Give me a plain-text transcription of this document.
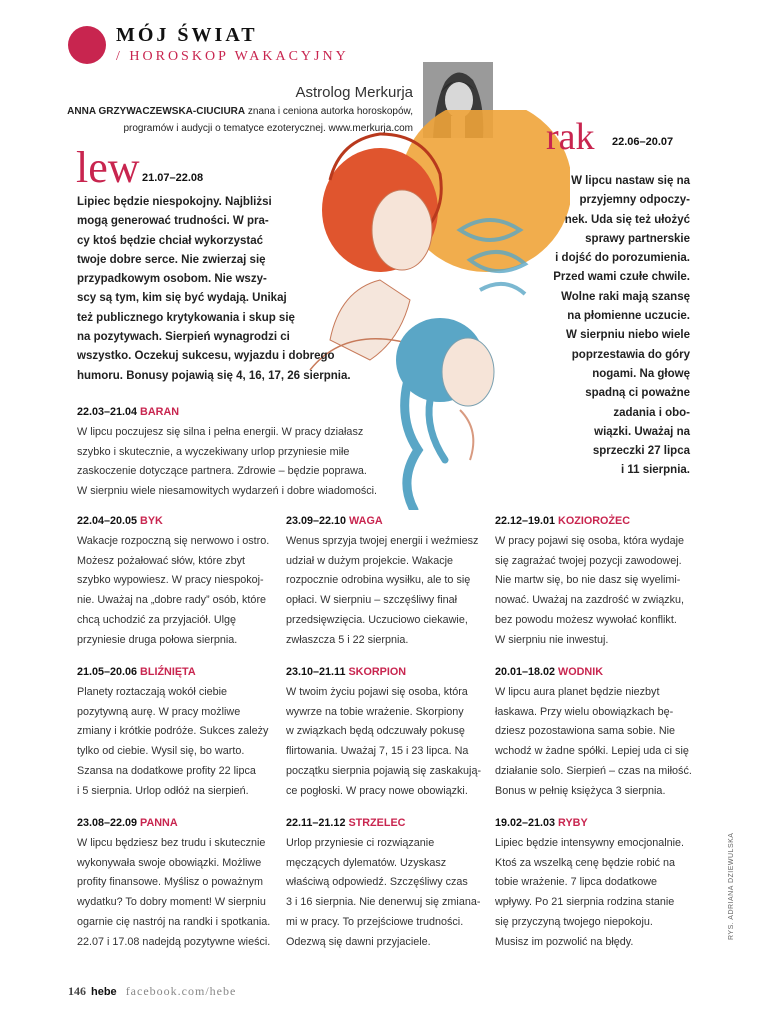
MÓJ ŚWIAT
/ HOROSKOP WAKACYJNY
Astrolog Merkurja
ANNA GRZYWACZEWSKA-CIUCIURA znana i ceniona autorka horoskopów,
programów i audycji o tematyce ezoterycznej. www.merkurja.com
lew 21.07–22.08
Lipiec będzie niespokojny. Najbliżsi
mogą generować trudności. W pra-
cy ktoś będzie chciał wykorzystać
twoje dobre serce. Nie zwierzaj się
przypadkowym osobom. Nie wszy-
scy są tym, kim się być wydają. Unikaj
też publicznego krytykowania i skup się
na pozytywach. Sierpień wynagrodzi ci
wszystko. Oczekuj sukcesu, wyjazdu i dobrego
humoru. Bonusy pojawią się 4, 16, 17, 26 sierpnia.
rak 22.06–20.07
W lipcu nastaw się na
przyjemny odpoczy-
nek. Uda się też ułożyć
sprawy partnerskie
i dojść do porozumienia.
Przed wami czułe chwile.
Wolne raki mają szansę
na płomienne uczucie.
W sierpniu niebo wiele
poprzestawia do góry
nogami. Na głowę
spadną ci poważne
zadania i obo-
wiązki. Uważaj na
sprzeczki 27 lipca
i 11 sierpnia.

22.03–21.04 BARAN

W lipcu poczujesz się silna i pełna energii. W pracy działasz

szybko i skutecznie, a wyczekiwany urlop przyniesie miłe

zaskoczenie dotyczące partnera. Zdrowie – będzie poprawa.

W sierpniu wiele niesamowitych wydarzeń i dobre wiadomości.

22.04–20.05 BYK

Wakacje rozpoczną się nerwowo i ostro.

Możesz pożałować słów, które zbyt

szybko wypowiesz. W pracy niespokoj-

nie. Uważaj na „dobre rady” osób, które

chcą uchodzić za przyjaciół. Ulgę

przyniesie druga połowa sierpnia.

23.09–22.10 WAGA

Wenus sprzyja twojej energii i weźmiesz

udział w dużym projekcie. Wakacje

rozpocznie odrobina wysiłku, ale to się

opłaci. W sierpniu – szczęśliwy finał

przedsięwzięcia. Uczuciowo ciekawie,

zwłaszcza 5 i 22 sierpnia.

22.12–19.01 KOZIOROŻEC

W pracy pojawi się osoba, która wydaje

się zagrażać twojej pozycji zawodowej.

Nie martw się, bo nie dasz się wyelimi-

nować. Uważaj na zazdrość w związku,

bez powodu możesz wywołać konflikt.

W sierpniu nie inwestuj.

21.05–20.06 BLIŹNIĘTA

Planety roztaczają wokół ciebie

pozytywną aurę. W pracy możliwe

zmiany i krótkie podróże. Sukces zależy

tylko od ciebie. Wysil się, bo warto.

Szansa na dodatkowe profity 22 lipca

i 5 sierpnia. Urlop odłóż na sierpień.

23.10–21.11 SKORPION

W twoim życiu pojawi się osoba, która

wywrze na tobie wrażenie. Skorpiony

w związkach będą odczuwały pokusę

flirtowania. Uważaj 7, 15 i 23 lipca. Na

początku sierpnia pojawią się zaskakują-

ce pogłoski. W pracy nowe obowiązki.

20.01–18.02 WODNIK

W lipcu aura planet będzie niezbyt

łaskawa. Przy wielu obowiązkach bę-

dziesz pozostawiona sama sobie. Nie

wchodź w żadne spółki. Lepiej uda ci się

działanie solo. Sierpień – czas na miłość.

Bonus w pełnię księżyca 3 sierpnia.

23.08–22.09 PANNA

W lipcu będziesz bez trudu i skutecznie

wykonywała swoje obowiązki. Możliwe

profity finansowe. Myślisz o poważnym

wydatku? To dobry moment! W sierpniu

ogarnie cię nastrój na randki i spotkania.

22.07 i 17.08 nadejdą pozytywne wieści.

22.11–21.12 STRZELEC

Urlop przyniesie ci rozwiązanie

męczących dylematów. Uzyskasz

właściwą odpowiedź. Szczęśliwy czas

3 i 16 sierpnia. Nie denerwuj się zmiana-

mi w pracy. To przejściowe trudności.

Odezwą się dawni przyjaciele.

19.02–21.03 RYBY

Lipiec będzie intensywny emocjonalnie.

Ktoś za wszelką cenę będzie robić na

tobie wrażenie. 7 lipca dodatkowe

wpływy. Po 21 sierpnia rodzina stanie

się przyczyną twojego niepokoju.

Musisz im pozwolić na błędy.

RYS. ADRIANA DZIEWULSKA
146 hebe facebook.com/hebe
